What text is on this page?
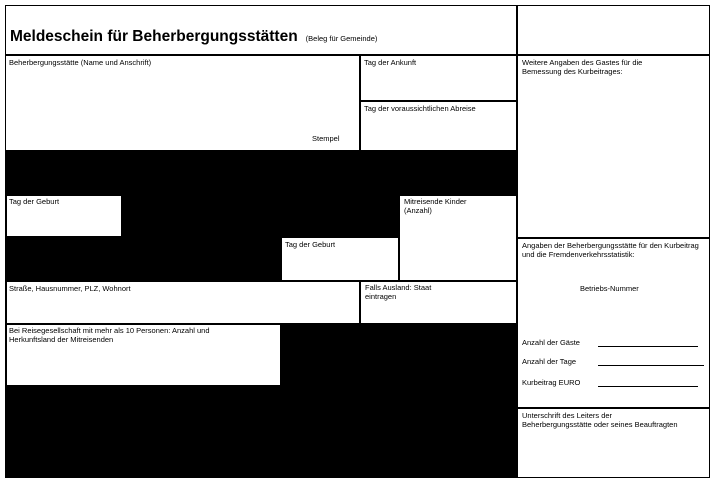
Meldeschein für Beherbergungsstätten (Beleg für Gemeinde)
Beherbergungsstätte (Name und Anschrift)
Stempel
Tag der Ankunft
Tag der voraussichtlichen Abreise
Tag der Geburt	Mitreisende Kinder (Anzahl)
Tag der Geburt
Straße, Hausnummer, PLZ, Wohnort	Falls Ausland: Staat eintragen
Bei Reisegesellschaft mit mehr als 10 Personen: Anzahl und Herkunftsland der Mitreisenden
Weitere Angaben des Gastes für die Bemessung des Kurbeitrages:
Angaben der Beherbergungsstätte für den Kurbeitrag und die Fremdenverkehrsstatistik:
Betriebs-Nummer
Anzahl der Gäste
Anzahl der Tage
Kurbeitrag EURO
Unterschrift des Leiters der Beherbergungsstätte oder seines Beauftragten
